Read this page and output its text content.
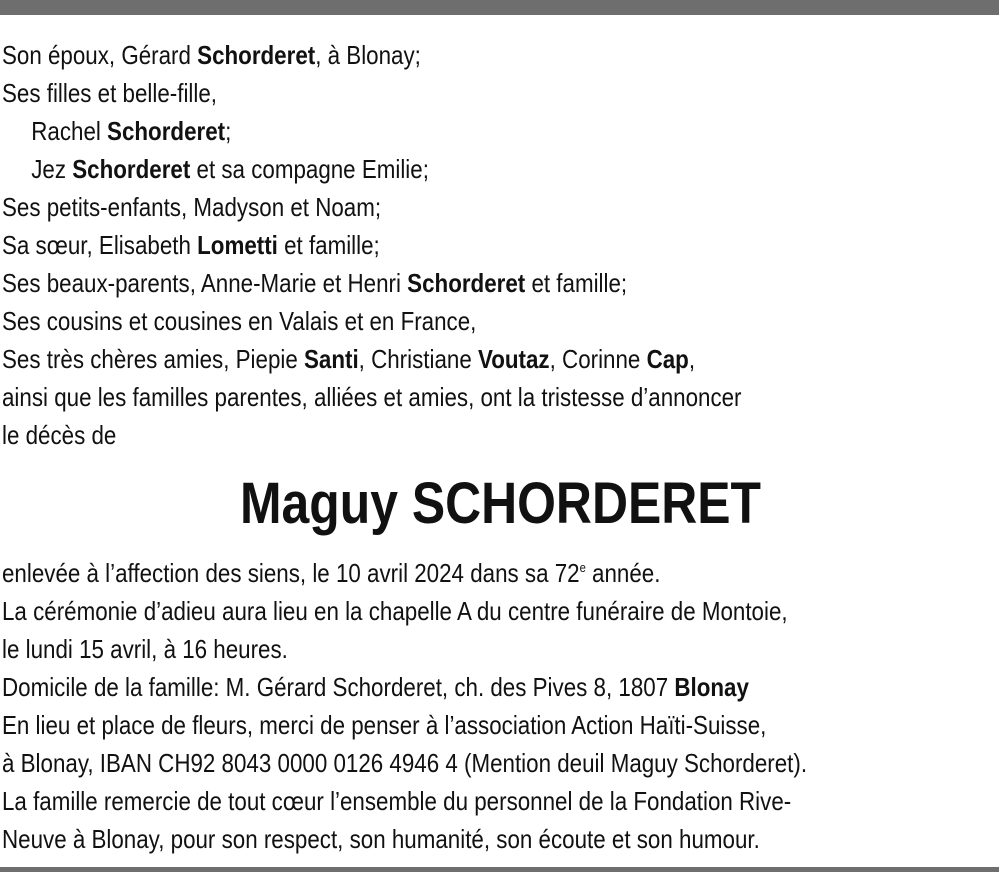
Son époux, Gérard Schorderet, à Blonay;
Ses filles et belle-fille,
Rachel Schorderet;
Jez Schorderet et sa compagne Emilie;
Ses petits-enfants, Madyson et Noam;
Sa sœur, Elisabeth Lometti et famille;
Ses beaux-parents, Anne-Marie et Henri Schorderet et famille;
Ses cousins et cousines en Valais et en France,
Ses très chères amies, Piepie Santi, Christiane Voutaz, Corinne Cap,
ainsi que les familles parentes, alliées et amies, ont la tristesse d’annoncer
le décès de
Maguy SCHORDERET
enlevée à l’affection des siens, le 10 avril 2024 dans sa 72e année.
La cérémonie d’adieu aura lieu en la chapelle A du centre funéraire de Montoie,
le lundi 15 avril, à 16 heures.
Domicile de la famille: M. Gérard Schorderet, ch. des Pives 8, 1807 Blonay
En lieu et place de fleurs, merci de penser à l’association Action Haïti-Suisse,
à Blonay, IBAN CH92 8043 0000 0126 4946 4 (Mention deuil Maguy Schorderet).
La famille remercie de tout cœur l’ensemble du personnel de la Fondation Rive-
Neuve à Blonay, pour son respect, son humanité, son écoute et son humour.
